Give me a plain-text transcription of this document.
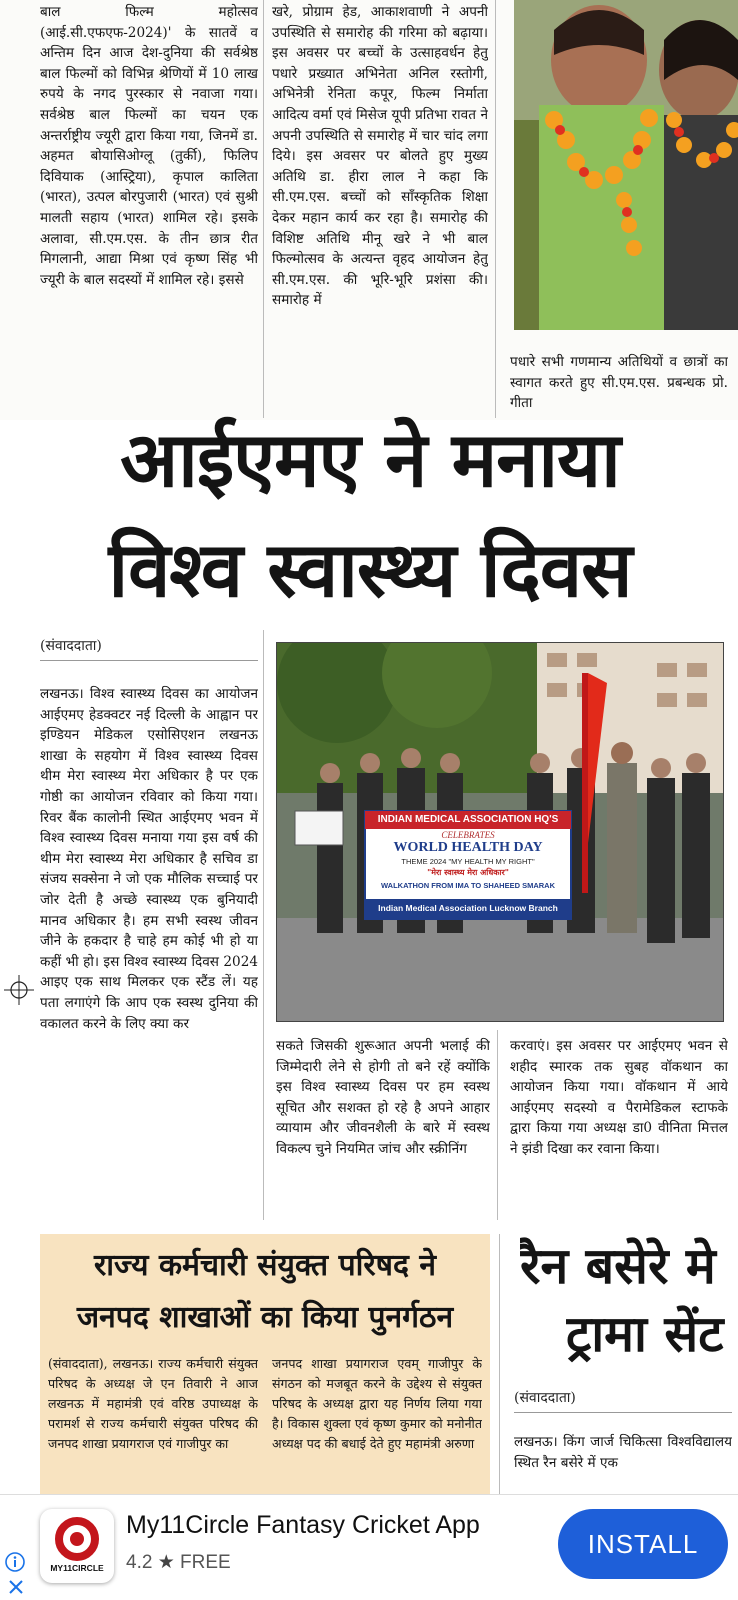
बाल फिल्म महोत्सव (आई.सी.एफएफ-2024)' के सातवें व अन्तिम दिन आज देश-दुनिया की सर्वश्रेष्ठ बाल फिल्मों को विभिन्न श्रेणियों में 10 लाख रुपये के नगद पुरस्कार से नवाजा गया। सर्वश्रेष्ठ बाल फिल्मों का चयन एक अन्तर्राष्ट्रीय ज्यूरी द्वारा किया गया, जिनमें डा. अहमत बोयासिओग्लू (तुर्की), फिलिप दिवियाक (आस्ट्रिया), कृपाल कालिता (भारत), उत्पल बोरपुजारी (भारत) एवं सुश्री मालती सहाय (भारत) शामिल रहे। इसके अलावा, सी.एम.एस. के तीन छात्र रीत मिगलानी, आद्या मिश्रा एवं कृष्ण सिंह भी ज्यूरी के बाल सदस्यों में शामिल रहे। इससे
खरे, प्रोग्राम हेड, आकाशवाणी ने अपनी उपस्थिति से समारोह की गरिमा को बढ़ाया। इस अवसर पर बच्चों के उत्साहवर्धन हेतु पधारे प्रख्यात अभिनेता अनिल रस्तोगी, अभिनेत्री रेनिता कपूर, फिल्म निर्माता आदित्य वर्मा एवं मिसेज यूपी प्रतिभा रावत ने अपनी उपस्थिति से समारोह में चार चांद लगा दिये। इस अवसर पर बोलते हुए मुख्य अतिथि डा. हीरा लाल ने कहा कि सी.एम.एस. बच्चों को सॉंस्कृतिक शिक्षा देकर महान कार्य कर रहा है। समारोह की विशिष्ट अतिथि मीनू खरे ने भी बाल फिल्मोत्सव के अत्यन्त वृहद आयोजन हेतु सी.एम.एस. की भूरि-भूरि प्रशंसा की। समारोह में
पधारे सभी गणमान्य अतिथियों व छात्रों का स्वागत करते हुए सी.एम.एस. प्रबन्धक प्रो. गीता
आईएमए ने मनाया
विश्व स्वास्थ्य दिवस
(संवाददाता)
लखनऊ। विश्व स्वास्थ्य दिवस का आयोजन आईएमए हेडक्वटर नई दिल्ली के आह्वान पर इण्डियन मेडिकल एसोसिएशन लखनऊ शाखा के सहयोग में विश्व स्वास्थ्य दिवस थीम मेरा स्वास्थ्य मेरा अधिकार है पर एक गोष्ठी का आयोजन रविवार को किया गया। रिवर बैंक कालोनी स्थित आईएमए भवन में विश्व स्वास्थ्य दिवस मनाया गया इस वर्ष की थीम मेरा स्वास्थ्य मेरा अधिकार है सचिव डा संजय सक्सेना ने जो एक मौलिक सच्चाई पर जोर देती है अच्छे स्वास्थ्य एक बुनियादी मानव अधिकार है। हम सभी स्वस्थ जीवन जीने के हकदार है चाहे हम कोई भी हो या कहीं भी हो। इस विश्व स्वास्थ्य दिवस 2024 आइए एक साथ मिलकर एक स्टैंड लें। यह पता लगाएंगे कि आप एक स्वस्थ दुनिया की वकालत करने के लिए क्या कर
INDIAN MEDICAL ASSOCIATION HQ'S
CELEBRATES
WORLD HEALTH DAY
THEME 2024 "MY HEALTH MY RIGHT"
"मेरा स्वास्थ्य मेरा अधिकार"
WALKATHON FROM IMA TO SHAHEED SMARAK
Indian Medical Association Lucknow Branch
सकते जिसकी शुरूआत अपनी भलाई की जिम्मेदारी लेने से होगी तो बने रहें क्योंकि इस विश्व स्वास्थ्य दिवस पर हम स्वस्थ सूचित और सशक्त हो रहे है अपने आहार व्यायाम और जीवनशैली के बारे में स्वस्थ विकल्प चुने नियमित जांच और स्क्रीनिंग
करवाएं। इस अवसर पर आईएमए भवन से शहीद स्मारक तक सुबह वॉकथान का आयोजन किया गया। वॉकथान में आये आईएमए सदस्यो व पैरामेडिकल स्टाफके द्वारा किया गया अध्यक्ष डा0 वीनिता मित्तल ने झंडी दिखा कर रवाना किया।
राज्य कर्मचारी संयुक्त परिषद ने
जनपद शाखाओं का किया पुनर्गठन
(संवाददाता), लखनऊ। राज्य कर्मचारी संयुक्त परिषद के अध्यक्ष जे एन तिवारी ने आज लखनऊ में महामंत्री एवं वरिष्ठ उपाध्यक्ष के परामर्श से राज्य कर्मचारी संयुक्त परिषद की जनपद शाखा प्रयागराज एवं गाजीपुर का
जनपद शाखा प्रयागराज एवम् गाजीपुर के संगठन को मजबूत करने के उद्देश्य से संयुक्त परिषद के अध्यक्ष द्वारा यह निर्णय लिया गया है। विकास शुक्ला एवं कृष्ण कुमार को मनोनीत अध्यक्ष पद की बधाई देते हुए महामंत्री अरुणा
रैन बसेरे मे
ट्रामा सेंट
(संवाददाता)
लखनऊ। किंग जार्ज चिकित्सा विश्वविद्यालय स्थित रैन बसेरे में एक
MY11CIRCLE
My11Circle Fantasy Cricket App
4.2 ★ FREE
INSTALL
